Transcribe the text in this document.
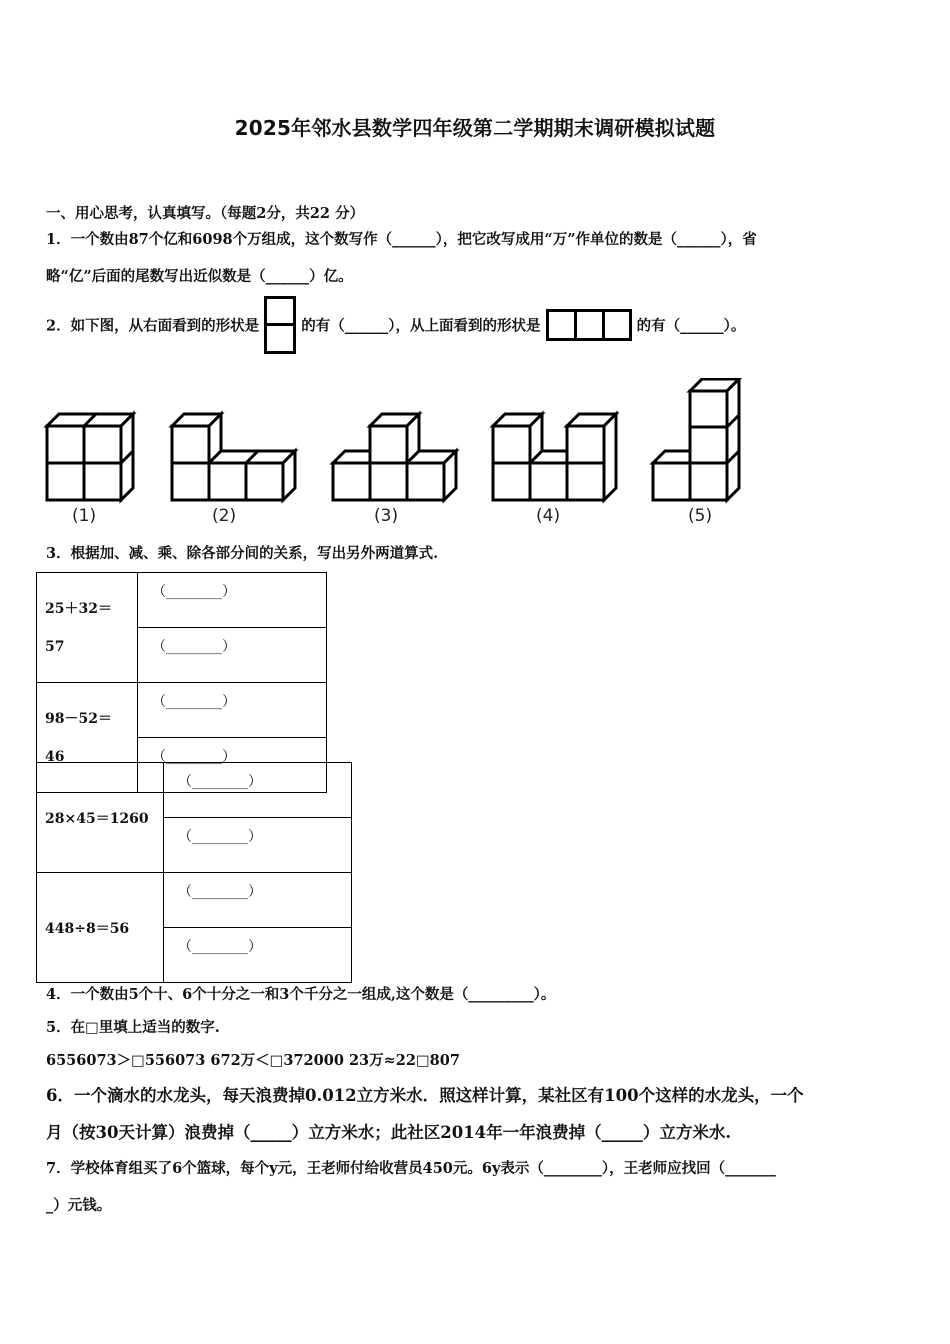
2025年邻水县数学四年级第二学期期末调研模拟试题
一、用心思考，认真填写。（每题2分，共22 分）
1．一个数由87个亿和6098个万组成，这个数写作（______），把它改写成用“万”作单位的数是（______），省
略“亿”后面的尾数写出近似数是（______）亿。
2．如下图，从右面看到的形状是	的有（______），从上面看到的形状是	的有（______）。
(1)	(2)	(3)	(4)	(5)
3．根据加、减、乘、除各部分间的关系，写出另外两道算式.
25＋32＝
57	（________）
	（________）

98－52＝
46	（________）
	（________）
28×45＝1260	（________）
	（________）
448÷8＝56	（________）
	（________）
4．一个数由5个十、6个十分之一和3个千分之一组成,这个数是（_________）。
5．在□里填上适当的数字.
6556073＞□556073 672万＜□372000 23万≈22□807
6．一个滴水的水龙头，每天浪费掉0.012立方米水．照这样计算，某社区有100个这样的水龙头，一个
月（按30天计算）浪费掉（_____）立方米水；此社区2014年一年浪费掉（_____）立方米水.
7．学校体育组买了6个篮球，每个y元，王老师付给收营员450元。6y表示（________），王老师应找回（_______
_）元钱。
